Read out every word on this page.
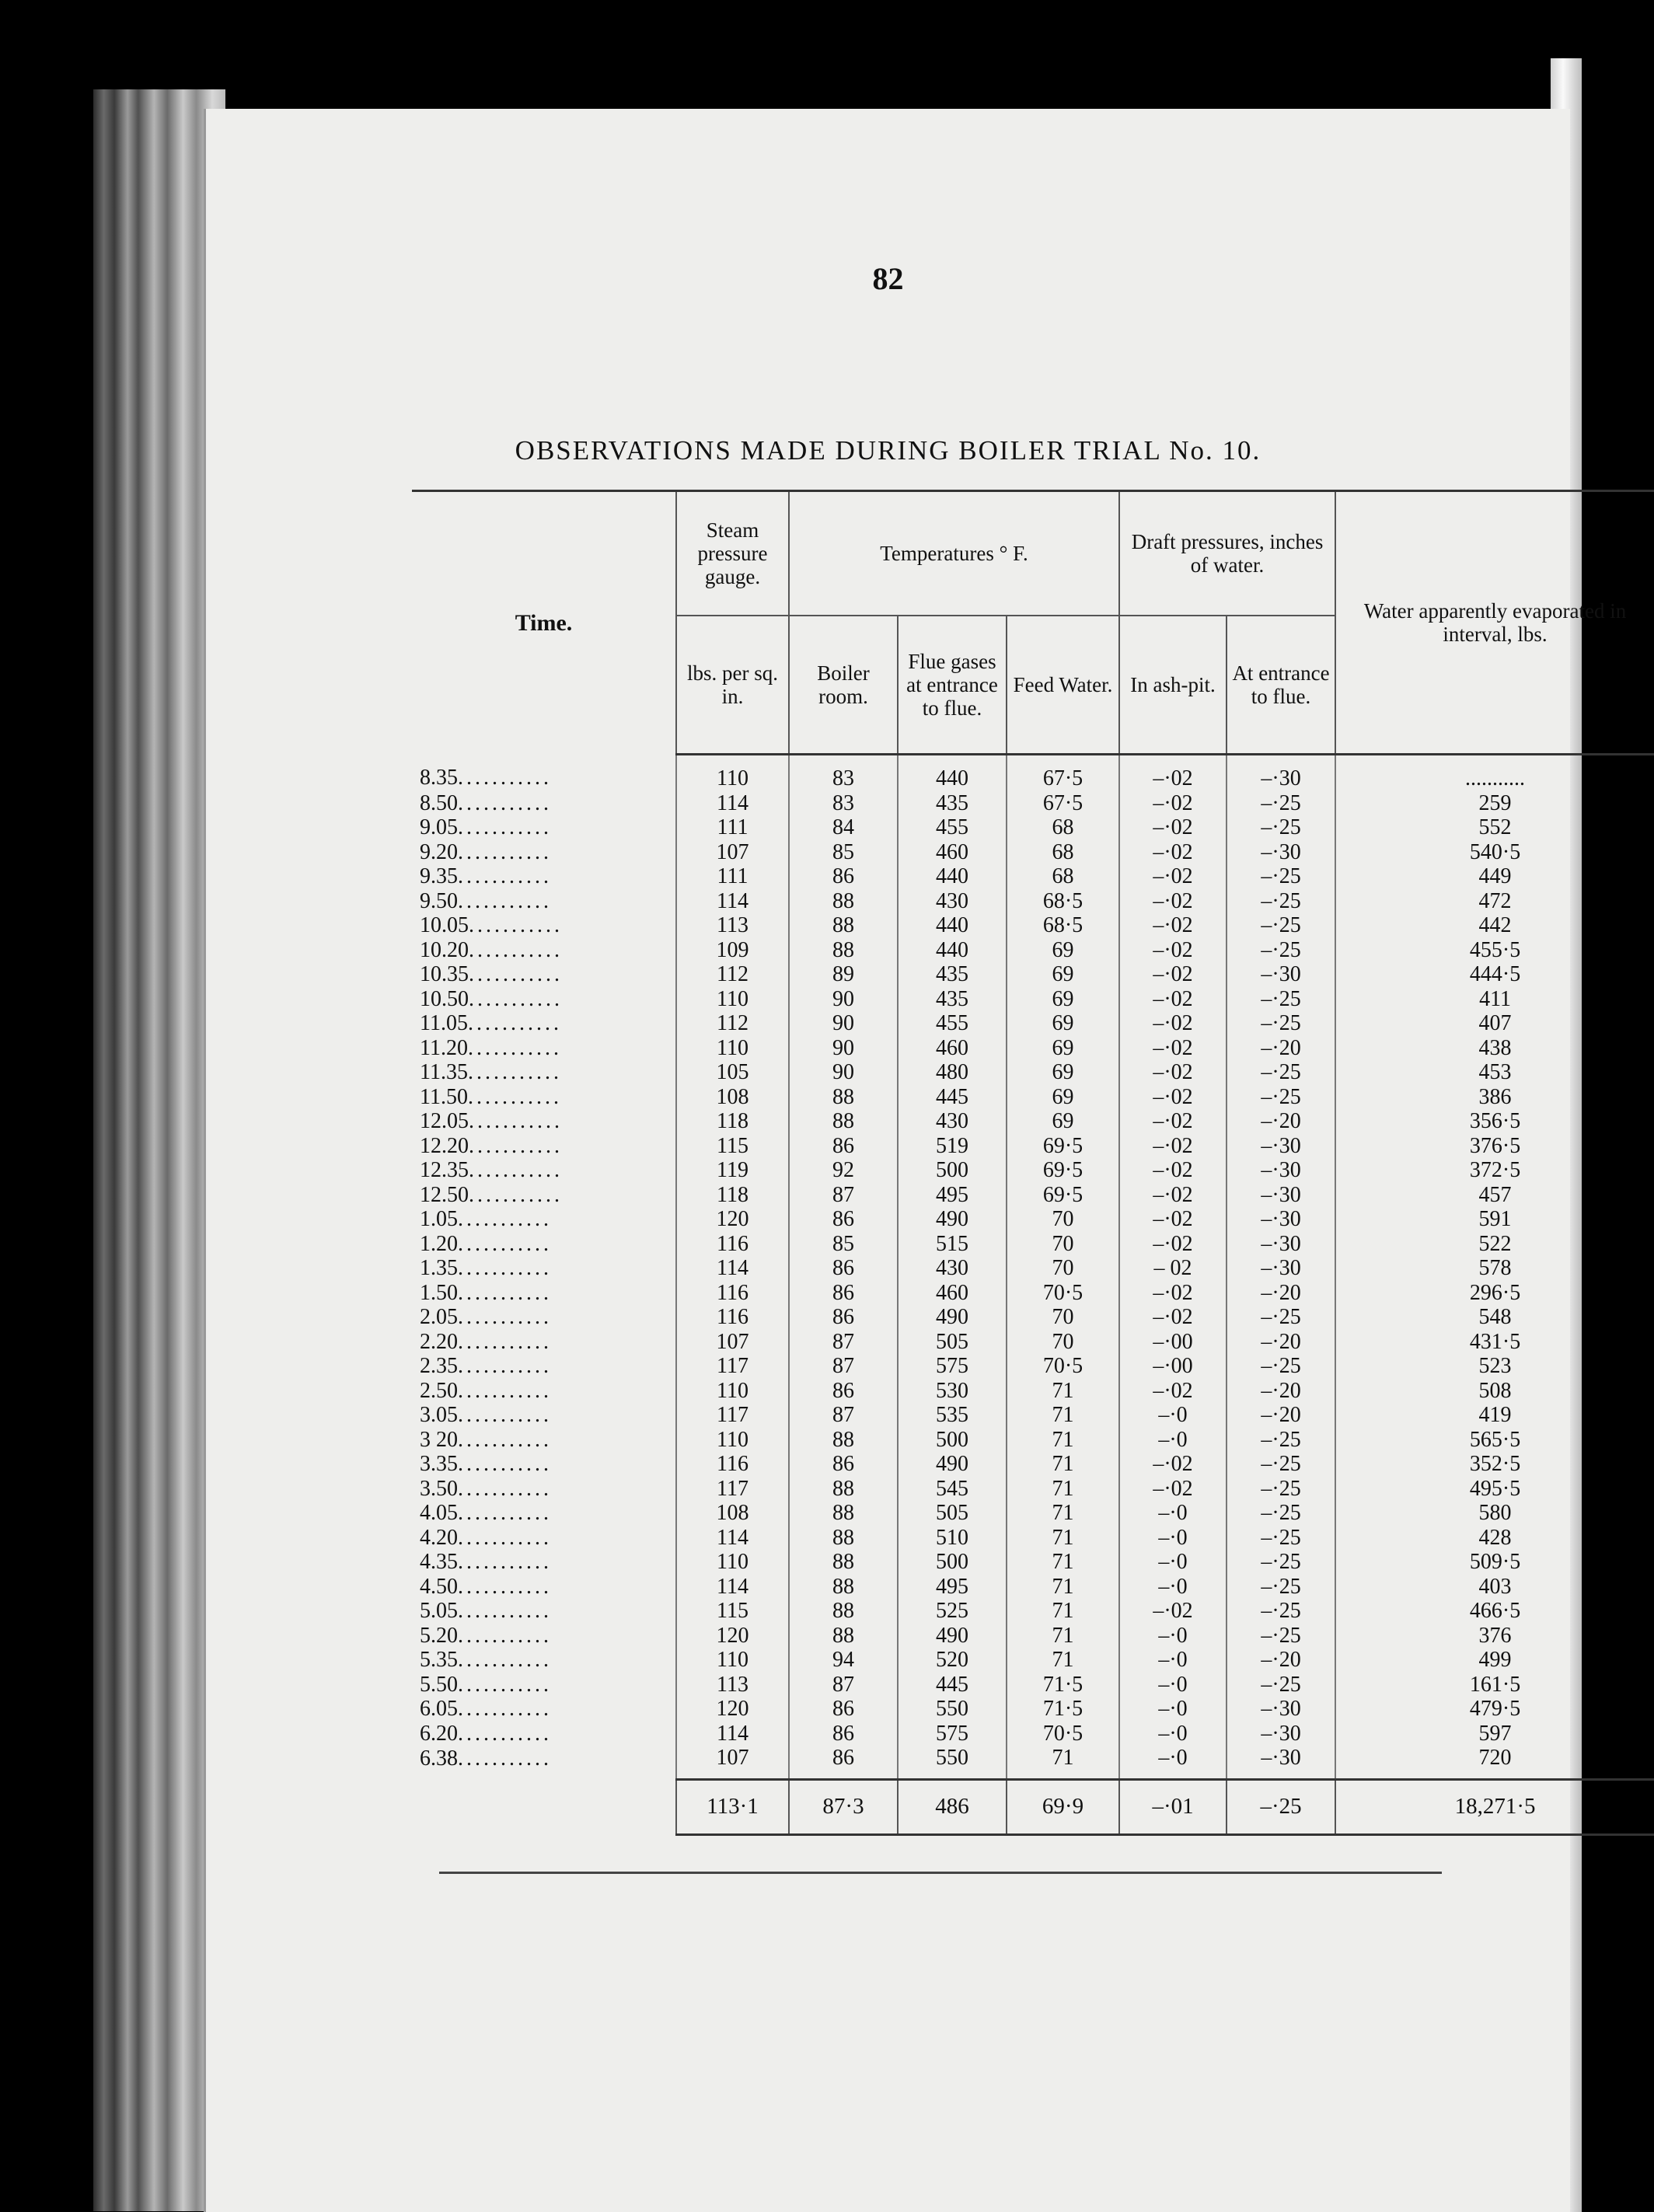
82
OBSERVATIONS MADE DURING BOILER TRIAL No. 10.
Time.	Steam pressure gauge.	Temperatures ° F.			Draft pressures, inches of water.		Water apparently evaporated in interval, lbs.
	lbs. per sq. in.	Boiler room.	Flue gases at entrance to flue.	Feed Water.	In ash-pit.	At entrance to flue.	
8.35...........	110	83	440	67·5	–·02	–·30	...........
8.50...........	114	83	435	67·5	–·02	–·25	259
9.05...........	111	84	455	68	–·02	–·25	552
9.20...........	107	85	460	68	–·02	–·30	540·5
9.35...........	111	86	440	68	–·02	–·25	449
9.50...........	114	88	430	68·5	–·02	–·25	472
10.05...........	113	88	440	68·5	–·02	–·25	442
10.20...........	109	88	440	69	–·02	–·25	455·5
10.35...........	112	89	435	69	–·02	–·30	444·5
10.50...........	110	90	435	69	–·02	–·25	411
11.05...........	112	90	455	69	–·02	–·25	407
11.20...........	110	90	460	69	–·02	–·20	438
11.35...........	105	90	480	69	–·02	–·25	453
11.50...........	108	88	445	69	–·02	–·25	386
12.05...........	118	88	430	69	–·02	–·20	356·5
12.20...........	115	86	519	69·5	–·02	–·30	376·5
12.35...........	119	92	500	69·5	–·02	–·30	372·5
12.50...........	118	87	495	69·5	–·02	–·30	457
1.05...........	120	86	490	70	–·02	–·30	591
1.20...........	116	85	515	70	–·02	–·30	522
1.35...........	114	86	430	70	– 02	–·30	578
1.50...........	116	86	460	70·5	–·02	–·20	296·5
2.05...........	116	86	490	70	–·02	–·25	548
2.20...........	107	87	505	70	–·00	–·20	431·5
2.35...........	117	87	575	70·5	–·00	–·25	523
2.50...........	110	86	530	71	–·02	–·20	508
3.05...........	117	87	535	71	–·0	–·20	419
3 20...........	110	88	500	71	–·0	–·25	565·5
3.35...........	116	86	490	71	–·02	–·25	352·5
3.50...........	117	88	545	71	–·02	–·25	495·5
4.05...........	108	88	505	71	–·0	–·25	580
4.20...........	114	88	510	71	–·0	–·25	428
4.35...........	110	88	500	71	–·0	–·25	509·5
4.50...........	114	88	495	71	–·0	–·25	403
5.05...........	115	88	525	71	–·02	–·25	466·5
5.20...........	120	88	490	71	–·0	–·25	376
5.35...........	110	94	520	71	–·0	–·20	499
5.50...........	113	87	445	71·5	–·0	–·25	161·5
6.05...........	120	86	550	71·5	–·0	–·30	479·5
6.20...........	114	86	575	70·5	–·0	–·30	597
6.38...........	107	86	550	71	–·0	–·30	720
	113·1	87·3	486	69·9	–·01	–·25	18,271·5
